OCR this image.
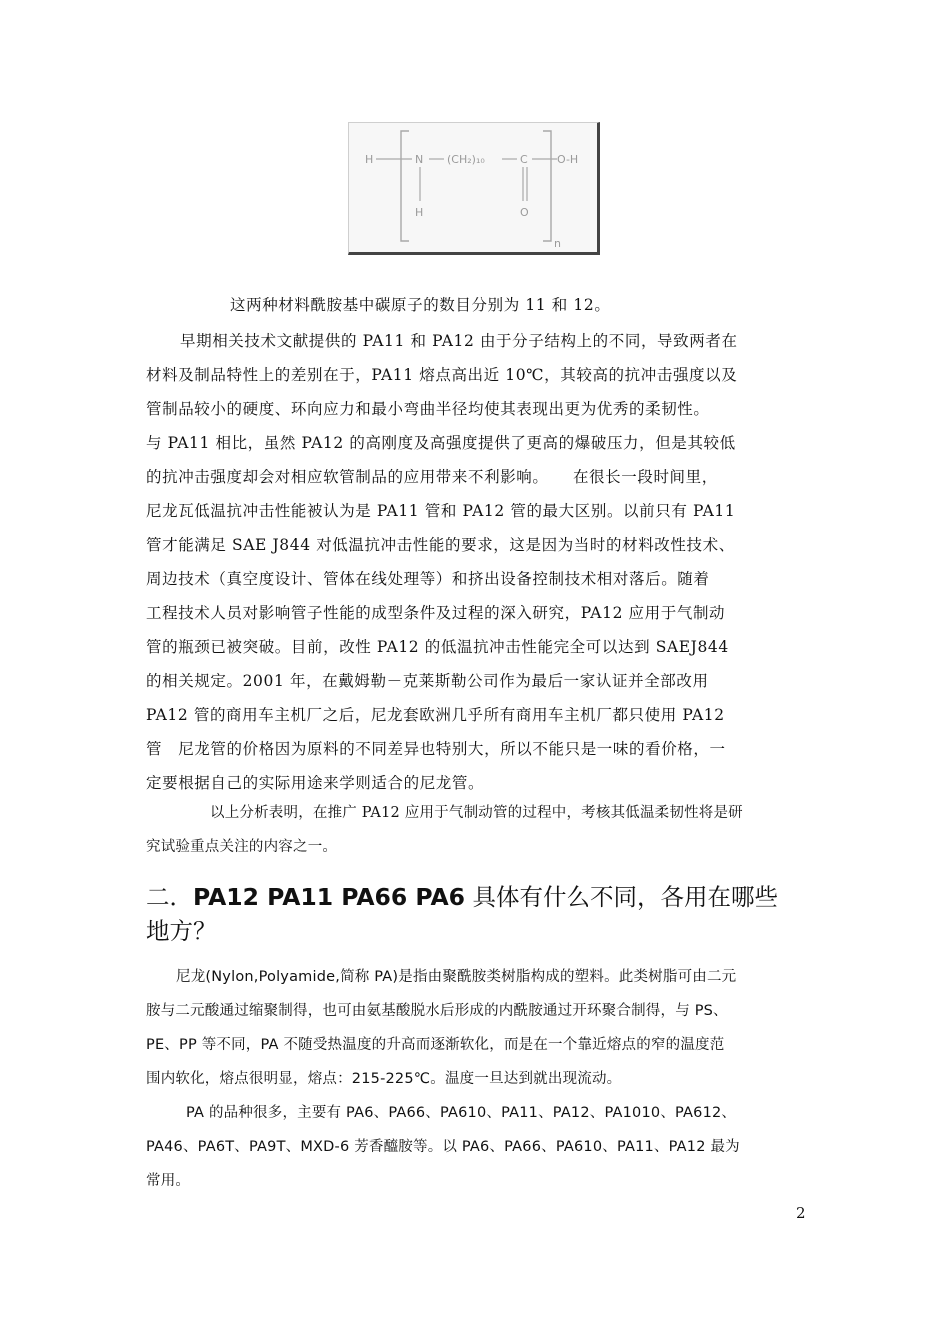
H	N (CH₂)₁₀	C	O-H
H	O
n
这两种材料酰胺基中碳原子的数目分别为 11 和 12。
早期相关技术文献提供的 PA11 和 PA12 由于分子结构上的不同，导致两者在
材料及制品特性上的差别在于，PA11 熔点高出近 10℃，其较高的抗冲击强度以及
管制品较小的硬度、环向应力和最小弯曲半径均使其表现出更为优秀的柔韧性。
与 PA11 相比，虽然 PA12 的高刚度及高强度提供了更高的爆破压力，但是其较低
的抗冲击强度却会对相应软管制品的应用带来不利影响。　　在很长一段时间里，
尼龙瓦低温抗冲击性能被认为是 PA11 管和 PA12 管的最大区别。以前只有 PA11
管才能满足 SAE J844 对低温抗冲击性能的要求，这是因为当时的材料改性技术、
周边技术（真空度设计、管体在线处理等）和挤出设备控制技术相对落后。随着
工程技术人员对影响管子性能的成型条件及过程的深入研究，PA12 应用于气制动
管的瓶颈已被突破。目前，改性 PA12 的低温抗冲击性能完全可以达到 SAEJ844
的相关规定。2001 年，在戴姆勒－克莱斯勒公司作为最后一家认证并全部改用
PA12 管的商用车主机厂之后，尼龙套欧洲几乎所有商用车主机厂都只使用 PA12
管　尼龙管的价格因为原料的不同差异也特别大，所以不能只是一味的看价格，一
定要根据自己的实际用途来学则适合的尼龙管。
以上分析表明，在推广 PA12 应用于气制动管的过程中，考核其低温柔韧性将是研
究试验重点关注的内容之一。
二．PA12 PA11 PA66 PA6 具体有什么不同，各用在哪些
地方？
尼龙(Nylon,Polyamide,简称 PA)是指由聚酰胺类树脂构成的塑料。此类树脂可由二元
胺与二元酸通过缩聚制得，也可由氨基酸脱水后形成的内酰胺通过开环聚合制得，与 PS、
PE、PP 等不同，PA 不随受热温度的升高而逐渐软化，而是在一个靠近熔点的窄的温度范
围内软化，熔点很明显，熔点：215-225℃。温度一旦达到就出现流动。
PA 的品种很多，主要有 PA6、PA66、PA610、PA11、PA12、PA1010、PA612、
PA46、PA6T、PA9T、MXD-6 芳香醯胺等。以 PA6、PA66、PA610、PA11、PA12 最为
常用。
2
